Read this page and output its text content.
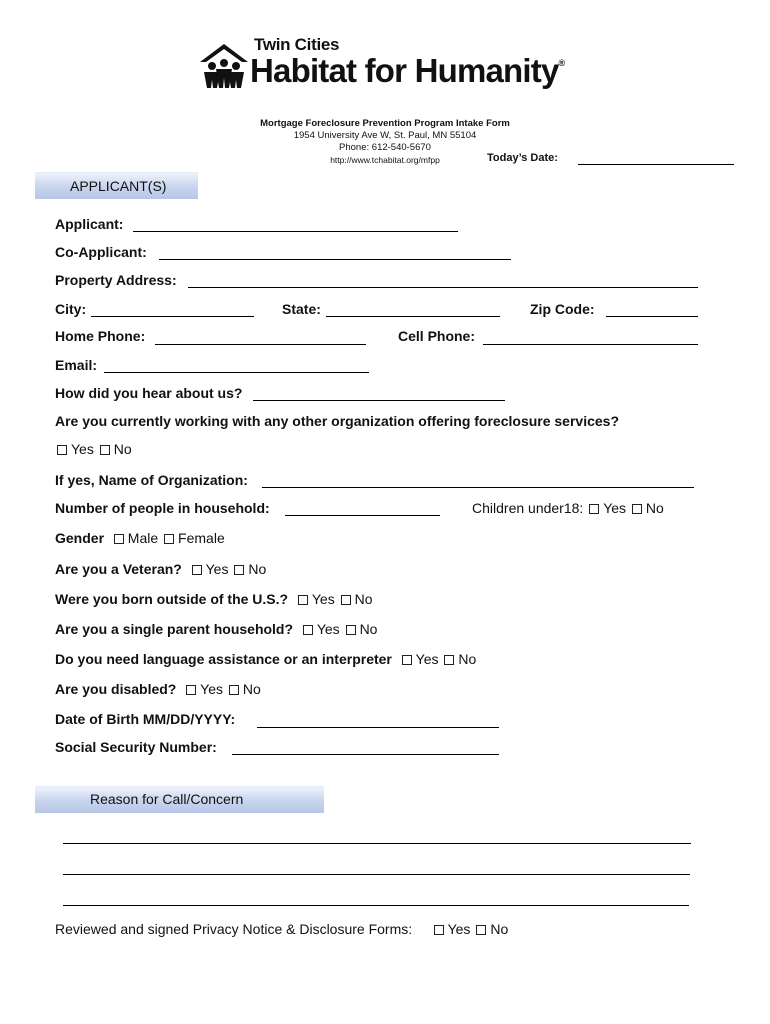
Twin Cities
Habitat for Humanity®
Mortgage Foreclosure Prevention Program Intake Form
1954 University Ave W, St. Paul, MN 55104
Phone: 612-540-5670
http://www.tchabitat.org/mfpp	Today’s Date:
APPLICANT(S)
Applicant:
Co-Applicant:
Property Address:
City:	State:	Zip Code:
Home Phone:	Cell Phone:
Email:
How did you hear about us?
Are you currently working with any other organization offering foreclosure services?
Yes No
If yes, Name of Organization:
Number of people in household:	Children under18: Yes No
Gender Male Female
Are you a Veteran? Yes No
Were you born outside of the U.S.? Yes No
Are you a single parent household? Yes No
Do you need language assistance or an interpreter Yes No
Are you disabled? Yes No
Date of Birth MM/DD/YYYY:
Social Security Number:
Reason for Call/Concern
Reviewed and signed Privacy Notice & Disclosure Forms:	Yes No
